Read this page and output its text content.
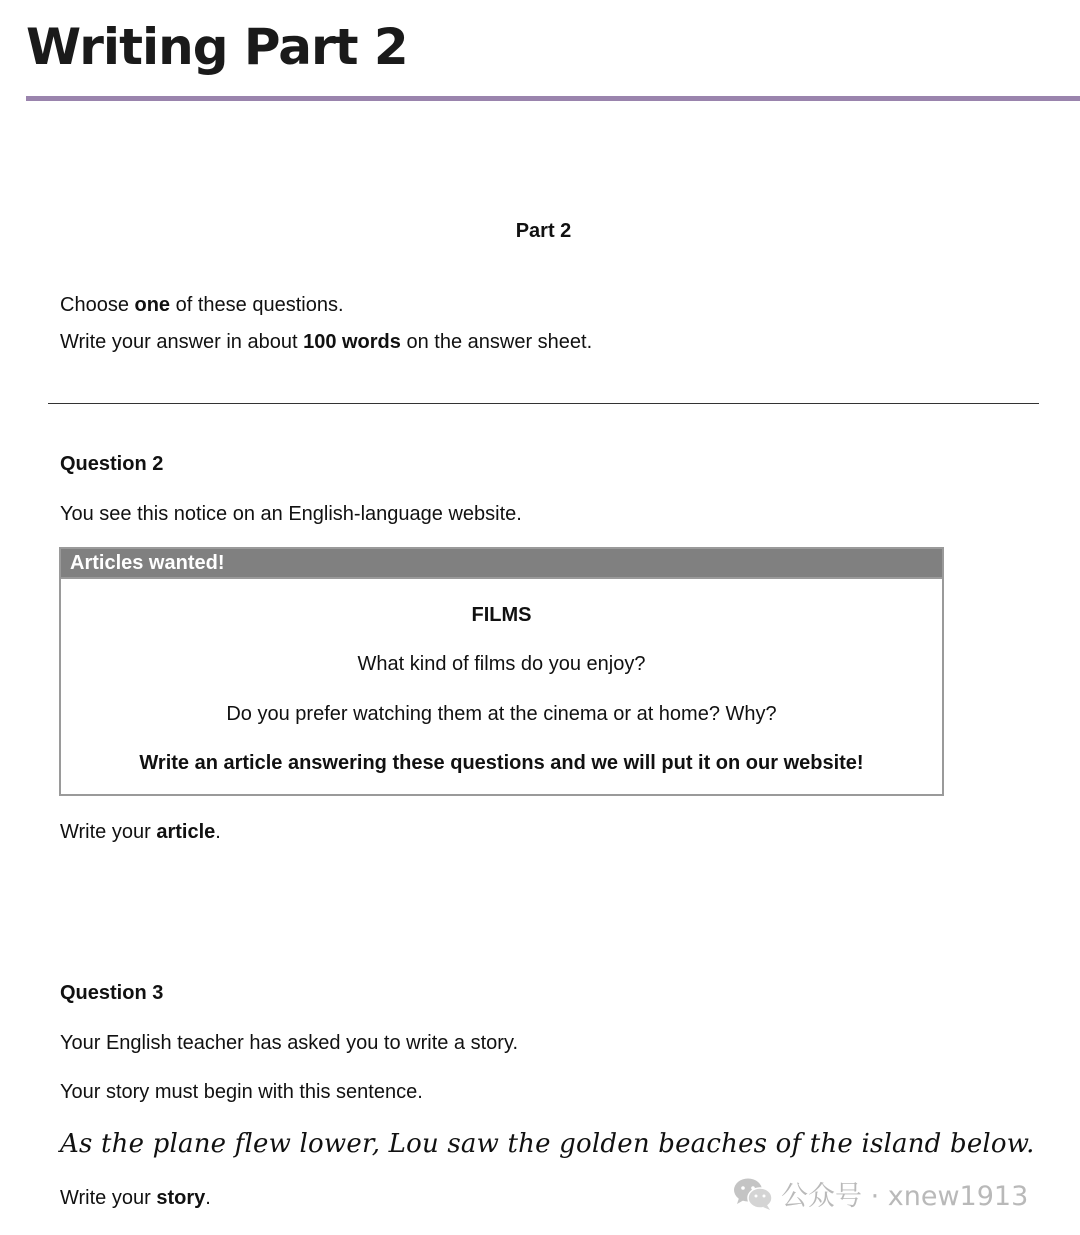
Writing Part 2
Part 2
Choose one of these questions.
Write your answer in about 100 words on the answer sheet.
Question 2
You see this notice on an English-language website.
Articles wanted!
FILMS
What kind of films do you enjoy?
Do you prefer watching them at the cinema or at home? Why?
Write an article answering these questions and we will put it on our website!
Write your article.
Question 3
Your English teacher has asked you to write a story.
Your story must begin with this sentence.
As the plane flew lower, Lou saw the golden beaches of the island below.
Write your story.	公众号 · xnew1913
